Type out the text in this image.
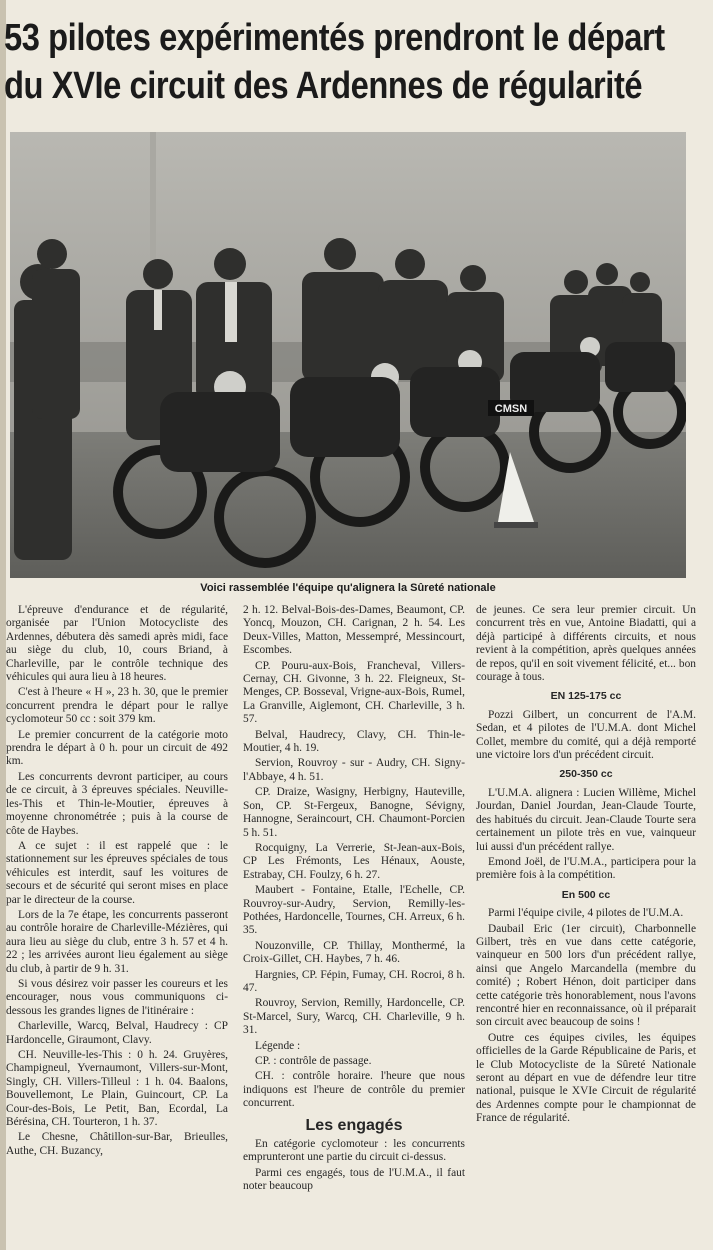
53 pilotes expérimentés prendront le départ
du XVIe circuit des Ardennes de régularité
CMSN
Voici rassemblée l'équipe qu'alignera la Sûreté nationale

L'épreuve d'endurance et de régularité, organisée par l'Union Motocycliste des Ardennes, débutera dès samedi après midi, face au siège du club, 10, cours Briand, à Charleville, par le contrôle technique des véhicules qui aura lieu à 18 heures.

C'est à l'heure « H », 23 h. 30, que le premier concurrent prendra le départ pour le rallye cyclomoteur 50 cc : soit 379 km.

Le premier concurrent de la catégorie moto prendra le départ à 0 h. pour un circuit de 492 km.

Les concurrents devront participer, au cours de ce circuit, à 3 épreuves spéciales. Neuville-les-This et Thin-le-Moutier, épreuves à moyenne chronométrée ; puis à la course de côte de Haybes.

A ce sujet : il est rappelé que : le stationnement sur les épreuves spéciales de tous véhicules est interdit, sauf les voitures de secours et de sécurité qui seront mises en place par le directeur de la course.

Lors de la 7e étape, les concurrents passeront au contrôle horaire de Charleville-Mézières, qui aura lieu au siège du club, entre 3 h. 57 et 4 h. 22 ; les arrivées auront lieu également au siège du club, à partir de 9 h. 31.

Si vous désirez voir passer les coureurs et les encourager, nous vous communiquons ci-dessous les grandes lignes de l'itinéraire :

Charleville, Warcq, Belval, Haudrecy : CP Hardoncelle, Giraumont, Clavy.

CH. Neuville-les-This : 0 h. 24. Gruyères, Champigneul, Yvernaumont, Villers-sur-Mont, Singly, CH. Villers-Tilleul : 1 h. 04. Baalons, Bouvellemont, Le Plain, Guincourt, CP. La Cour-des-Bois, Le Petit, Ban, Ecordal, La Bérésina, CH. Tourteron, 1 h. 37.

Le Chesne, Châtillon-sur-Bar, Brieulles, Authe, CH. Buzancy,

2 h. 12. Belval-Bois-des-Dames, Beaumont, CP. Yoncq, Mouzon, CH. Carignan, 2 h. 54. Les Deux-Villes, Matton, Messempré, Messincourt, Escombes.

CP. Pouru-aux-Bois, Francheval, Villers-Cernay, CH. Givonne, 3 h. 22. Fleigneux, St-Menges, CP. Bosseval, Vrigne-aux-Bois, Rumel, La Granville, Aiglemont, CH. Charleville, 3 h. 57.

Belval, Haudrecy, Clavy, CH. Thin-le-Moutier, 4 h. 19.

Servion, Rouvroy - sur - Audry, CH. Signy-l'Abbaye, 4 h. 51.

CP. Draize, Wasigny, Herbigny, Hauteville, Son, CP. St-Fergeux, Banogne, Sévigny, Hannogne, Seraincourt, CH. Chaumont-Porcien 5 h. 51.

Rocquigny, La Verrerie, St-Jean-aux-Bois, CP Les Frémonts, Les Hénaux, Aouste, Estrabay, CH. Foulzy, 6 h. 27.

Maubert - Fontaine, Etalle, l'Echelle, CP. Rouvroy-sur-Audry, Servion, Remilly-les-Pothées, Hardoncelle, Tournes, CH. Arreux, 6 h. 35.

Nouzonville, CP. Thillay, Monthermé, la Croix-Gillet, CH. Haybes, 7 h. 46.

Hargnies, CP. Fépin, Fumay, CH. Rocroi, 8 h. 47.

Rouvroy, Servion, Remilly, Hardoncelle, CP. St-Marcel, Sury, Warcq, CH. Charleville, 9 h. 31.

Légende :

CP. : contrôle de passage.

CH. : contrôle horaire. l'heure que nous indiquons est l'heure de contrôle du premier concurrent.

Les engagés

En catégorie cyclomoteur : les concurrents emprunteront une partie du circuit ci-dessus.

Parmi ces engagés, tous de l'U.M.A., il faut noter beaucoup

de jeunes. Ce sera leur premier circuit. Un concurrent très en vue, Antoine Biadatti, qui a déjà participé à différents circuits, et nous revient à la compétition, après quelques années de repos, qu'il en soit vivement félicité, et... bon courage à tous.

EN 125-175 cc

Pozzi Gilbert, un concurrent de l'A.M. Sedan, et 4 pilotes de l'U.M.A. dont Michel Collet, membre du comité, qui a déjà remporté une victoire lors d'un précédent circuit.

250-350 cc

L'U.M.A. alignera : Lucien Willème, Michel Jourdan, Daniel Jourdan, Jean-Claude Tourte, des habitués du circuit. Jean-Claude Tourte sera certainement un pilote très en vue, vainqueur lui aussi d'un précédent rallye.

Emond Joël, de l'U.M.A., participera pour la première fois à la compétition.

En 500 cc

Parmi l'équipe civile, 4 pilotes de l'U.M.A.

Daubail Eric (1er circuit), Charbonnelle Gilbert, très en vue dans cette catégorie, vainqueur en 500 lors d'un précédent rallye, ainsi que Angelo Marcandella (membre du comité) ; Robert Hénon, doit participer dans cette catégorie très honorablement, nous l'avons rencontré hier en reconnaissance, où il préparait son circuit avec beaucoup de soins !

Outre ces équipes civiles, les équipes officielles de la Garde Républicaine de Paris, et le Club Motocycliste de la Sûreté Nationale seront au départ en vue de défendre leur titre national, puisque le XVIe Circuit de régularité des Ardennes compte pour le championnat de France de régularité.
